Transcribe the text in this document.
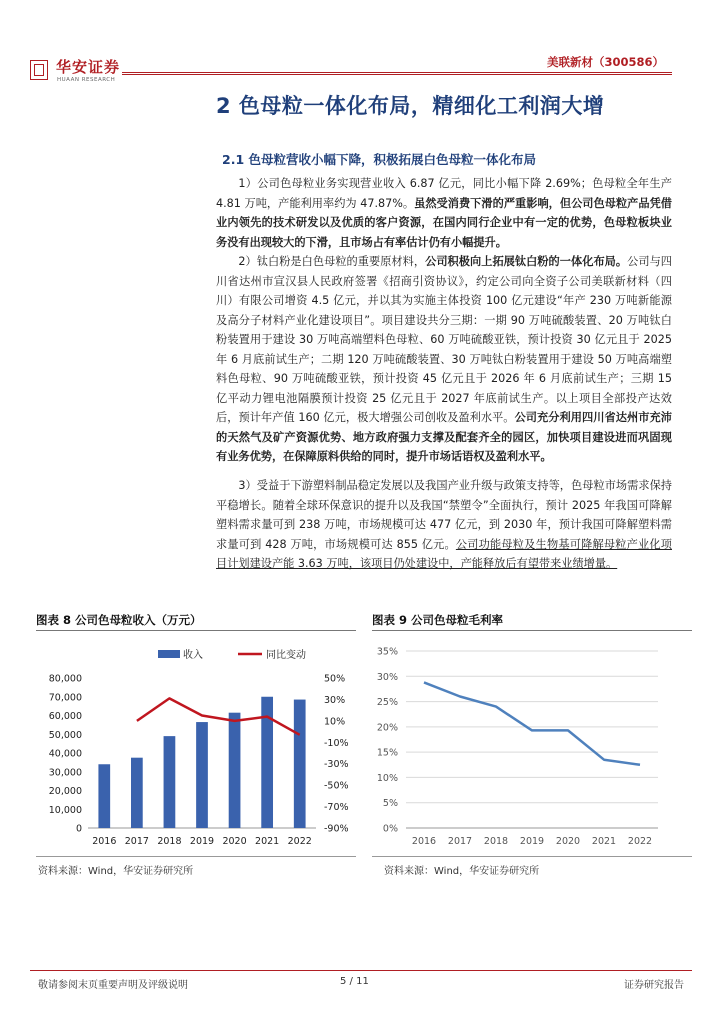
华安证券
HUAAN RESEARCH
美联新材（300586）
2 色母粒一体化布局，精细化工利润大增
2.1 色母粒营收小幅下降，积极拓展白色母粒一体化布局

1）公司色母粒业务实现营业收入 6.87 亿元，同比小幅下降 2.69%；色母粒全年生产 4.81 万吨，产能利用率约为 47.87%。虽然受消费下滑的严重影响，但公司色母粒产品凭借业内领先的技术研发以及优质的客户资源，在国内同行企业中有一定的优势，色母粒板块业务没有出现较大的下滑，且市场占有率估计仍有小幅提升。

2）钛白粉是白色母粒的重要原材料，公司积极向上拓展钛白粉的一体化布局。公司与四川省达州市宣汉县人民政府签署《招商引资协议》，约定公司向全资子公司美联新材料（四川）有限公司增资 4.5 亿元，并以其为实施主体投资 100 亿元建设“年产 230 万吨新能源及高分子材料产业化建设项目”。项目建设共分三期：一期 90 万吨硫酸装置、20 万吨钛白粉装置用于建设 30 万吨高端塑料色母粒、60 万吨硫酸亚铁，预计投资 30 亿元且于 2025 年 6 月底前试生产；二期 120 万吨硫酸装置、30 万吨钛白粉装置用于建设 50 万吨高端塑料色母粒、90 万吨硫酸亚铁，预计投资 45 亿元且于 2026 年 6 月底前试生产；三期 15 亿平动力锂电池隔膜预计投资 25 亿元且于 2027 年底前试生产。以上项目全部投产达效后，预计年产值 160 亿元，极大增强公司创收及盈利水平。公司充分利用四川省达州市充沛的天然气及矿产资源优势、地方政府强力支撑及配套齐全的园区，加快项目建设进而巩固现有业务优势，在保障原料供给的同时，提升市场话语权及盈利水平。

3）受益于下游塑料制品稳定发展以及我国产业升级与政策支持等，色母粒市场需求保持平稳增长。随着全球环保意识的提升以及我国“禁塑令”全面执行，预计 2025 年我国可降解塑料需求量可到 238 万吨，市场规模可达 477 亿元，到 2030 年，预计我国可降解塑料需求量可到 428 万吨，市场规模可达 855 亿元。公司功能母粒及生物基可降解母粒产业化项目计划建设产能 3.63 万吨，该项目仍处建设中，产能释放后有望带来业绩增量。

图表 8 公司色母粒收入（万元）	图表 9 公司色母粒毛利率
0
10,000
20,000
30,000
40,000
50,000
60,000
70,000
80,000
-90%
-70%
-50%
-30%
-10%
10%
30%
50%
2016 2017 2018 2019 2020 2021 2022
收入	同比变动
0%
5%
10%
15%
20%
25%
30%
35%
2016 2017 2018 2019 2020 2021 2022
资料来源：Wind，华安证券研究所	资料来源：Wind，华安证券研究所
敬请参阅末页重要声明及评级说明	5 / 11	证券研究报告
